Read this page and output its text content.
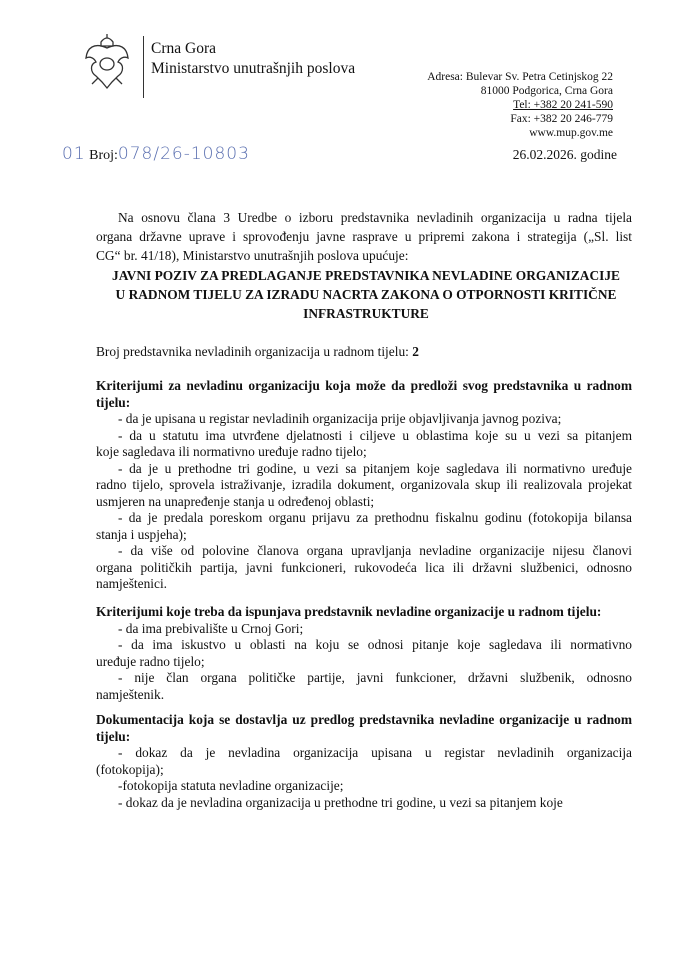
Crna Gora
Ministarstvo unutrašnjih poslova	Adresa: Bulevar Sv. Petra Cetinjskog 22
81000 Podgorica, Crna Gora
Tel: +382 20 241-590
Fax: +382 20 246-779
www.mup.gov.me
01 Broj:078/26-10803	26.02.2026. godine
Na osnovu člana 3 Uredbe o izboru predstavnika nevladinih organizacija u radna tijela
organa državne uprave i sprovođenju javne rasprave u pripremi zakona i strategija („Sl. list
CG“ br. 41/18), Ministarstvo unutrašnjih poslova upućuje:
JAVNI POZIV ZA PREDLAGANJE PREDSTAVNIKA NEVLADINE ORGANIZACIJE
U RADNOM TIJELU ZA IZRADU NACRTA ZAKONA O OTPORNOSTI KRITIČNE
INFRASTRUKTURE
Broj predstavnika nevladinih organizacija u radnom tijelu: 2
Kriterijumi za nevladinu organizaciju koja može da predloži svog predstavnika u radnom
tijelu:
- da je upisana u registar nevladinih organizacija prije objavljivanja javnog poziva;
- da u statutu ima utvrđene djelatnosti i ciljeve u oblastima koje su u vezi sa pitanjem
koje sagledava ili normativno uređuje radno tijelo;
- da je u prethodne tri godine, u vezi sa pitanjem koje sagledava ili normativno uređuje
radno tijelo, sprovela istraživanje, izradila dokument, organizovala skup ili realizovala projekat
usmjeren na unapređenje stanja u određenoj oblasti;
- da je predala poreskom organu prijavu za prethodnu fiskalnu godinu (fotokopija bilansa
stanja i uspjeha);
- da više od polovine članova organa upravljanja nevladine organizacije nijesu članovi
organa političkih partija, javni funkcioneri, rukovodeća lica ili državni službenici, odnosno
namještenici.
Kriterijumi koje treba da ispunjava predstavnik nevladine organizacije u radnom tijelu:
- da ima prebivalište u Crnoj Gori;
- da ima iskustvo u oblasti na koju se odnosi pitanje koje sagledava ili normativno
uređuje radno tijelo;
- nije član organa političke partije, javni funkcioner, državni službenik, odnosno
namještenik.
Dokumentacija koja se dostavlja uz predlog predstavnika nevladine organizacije u radnom
tijelu:
- dokaz da je nevladina organizacija upisana u registar nevladinih organizacija
(fotokopija);
-fotokopija statuta nevladine organizacije;
- dokaz da je nevladina organizacija u prethodne tri godine, u vezi sa pitanjem koje
